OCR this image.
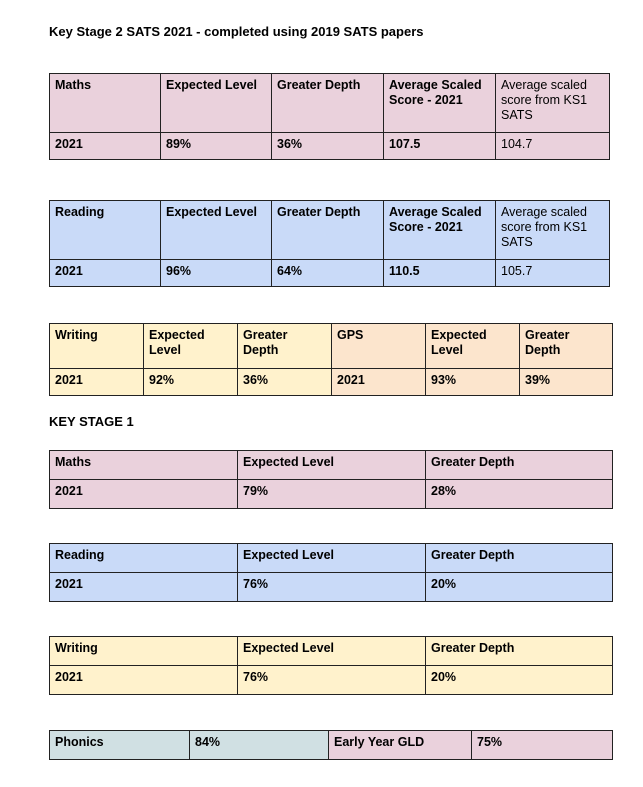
Key Stage 2 SATS 2021 - completed using 2019 SATS papers
Maths	Expected Level	Greater Depth	Average Scaled Score - 2021	Average scaled score from KS1 SATS
2021	89%	36%	107.5	104.7
Reading	Expected Level	Greater Depth	Average Scaled Score - 2021	Average scaled score from KS1 SATS
2021	96%	64%	110.5	105.7
Writing	Expected Level	Greater Depth	GPS	Expected Level	Greater Depth
2021	92%	36%	2021	93%	39%
KEY STAGE 1
Maths	Expected Level	Greater Depth
2021	79%	28%
Reading	Expected Level	Greater Depth
2021	76%	20%
Writing	Expected Level	Greater Depth
2021	76%	20%
Phonics	84%	Early Year GLD	75%
